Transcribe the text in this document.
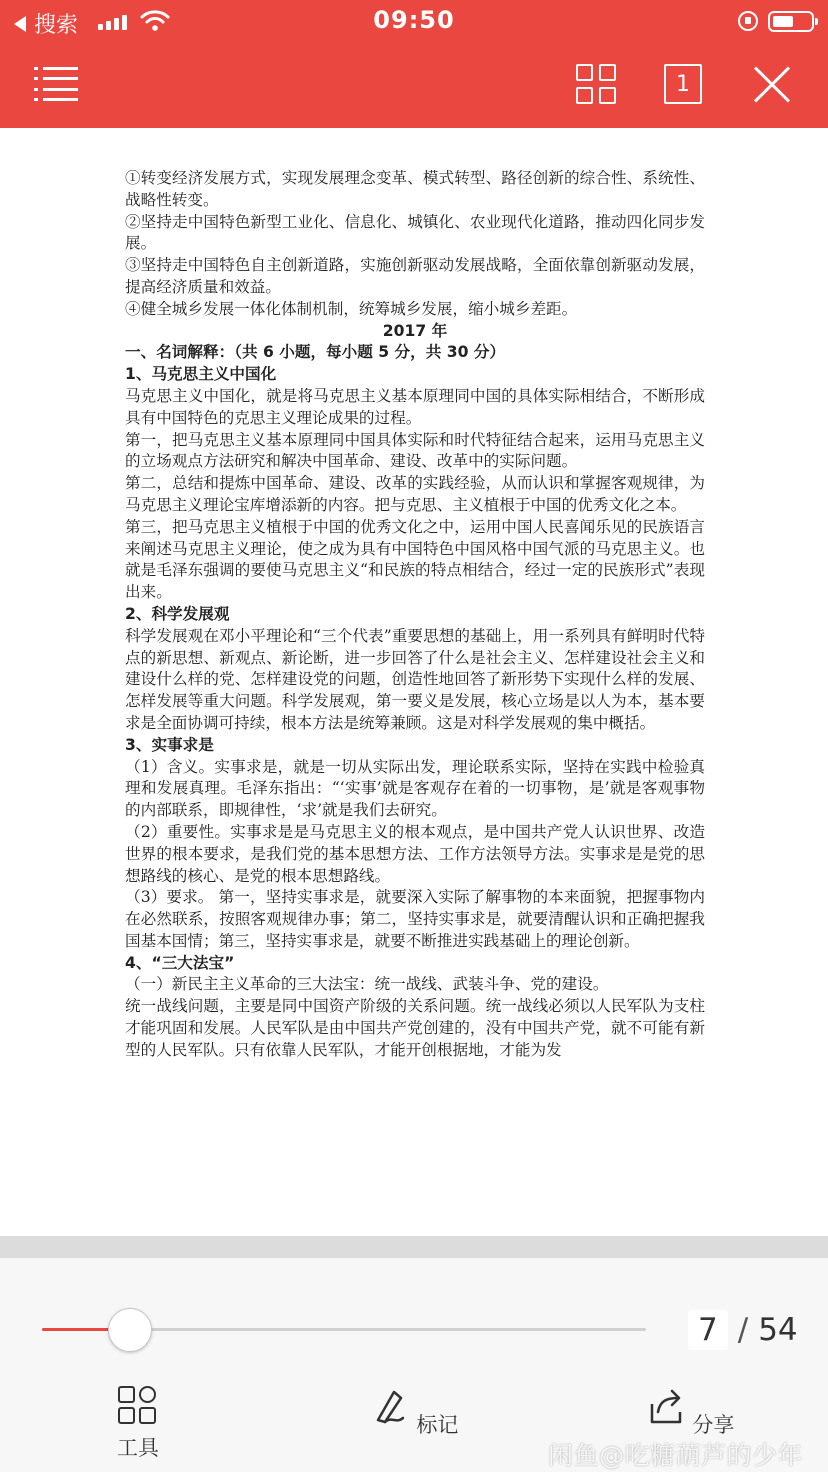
搜索	09:50
1

①转变经济发展方式，实现发展理念变革、模式转型、路径创新的综合性、系统性、战略性转变。

②坚持走中国特色新型工业化、信息化、城镇化、农业现代化道路，推动四化同步发展。

③坚持走中国特色自主创新道路，实施创新驱动发展战略，全面依靠创新驱动发展，提高经济质量和效益。

④健全城乡发展一体化体制机制，统筹城乡发展，缩小城乡差距。

2017 年

一、名词解释：（共 6 小题，每小题 5 分，共 30 分）

1、马克思主义中国化

马克思主义中国化，就是将马克思主义基本原理同中国的具体实际相结合，不断形成具有中国特色的克思主义理论成果的过程。

第一，把马克思主义基本原理同中国具体实际和时代特征结合起来，运用马克思主义的立场观点方法研究和解决中国革命、建设、改革中的实际问题。

第二，总结和提炼中国革命、建设、改革的实践经验，从而认识和掌握客观规律，为马克思主义理论宝库增添新的内容。把与克思、主义植根于中国的优秀文化之本。

第三，把马克思主义植根于中国的优秀文化之中，运用中国人民喜闻乐见的民族语言来阐述马克思主义理论，使之成为具有中国特色中国风格中国气派的马克思主义。也就是毛泽东强调的要使马克思主义“和民族的特点相结合，经过一定的民族形式”表现出来。

2、科学发展观

科学发展观在邓小平理论和“三个代表”重要思想的基础上，用一系列具有鲜明时代特点的新思想、新观点、新论断，进一步回答了什么是社会主义、怎样建设社会主义和建设什么样的党、怎样建设党的问题，创造性地回答了新形势下实现什么样的发展、怎样发展等重大问题。科学发展观，第一要义是发展，核心立场是以人为本，基本要求是全面协调可持续，根本方法是统筹兼顾。这是对科学发展观的集中概括。

3、实事求是

（1）含义。实事求是，就是一切从实际出发，理论联系实际，坚持在实践中检验真理和发展真理。毛泽东指出：“‘实事’就是客观存在着的一切事物，是’就是客观事物的内部联系，即规律性，‘求’就是我们去研究。

（2）重要性。实事求是是马克思主义的根本观点，是中国共产党人认识世界、改造世界的根本要求，是我们党的基本思想方法、工作方法领导方法。实事求是是党的思想路线的核心、是党的根本思想路线。

（3）要求。 第一，坚持实事求是，就要深入实际了解事物的本来面貌，把握事物内在必然联系，按照客观规律办事；第二，坚持实事求是，就要清醒认识和正确把握我国基本国情；第三，坚持实事求是，就要不断推进实践基础上的理论创新。

4、“三大法宝”

（一）新民主主义革命的三大法宝：统一战线、武装斗争、党的建设。

统一战线问题，主要是同中国资产阶级的关系问题。统一战线必须以人民军队为支柱才能巩固和发展。人民军队是由中国共产党创建的，没有中国共产党，就不可能有新型的人民军队。只有依靠人民军队，才能开创根据地，才能为发

7 / 54
工具
标记	分享
闲鱼@吃糖葫芦的少年
